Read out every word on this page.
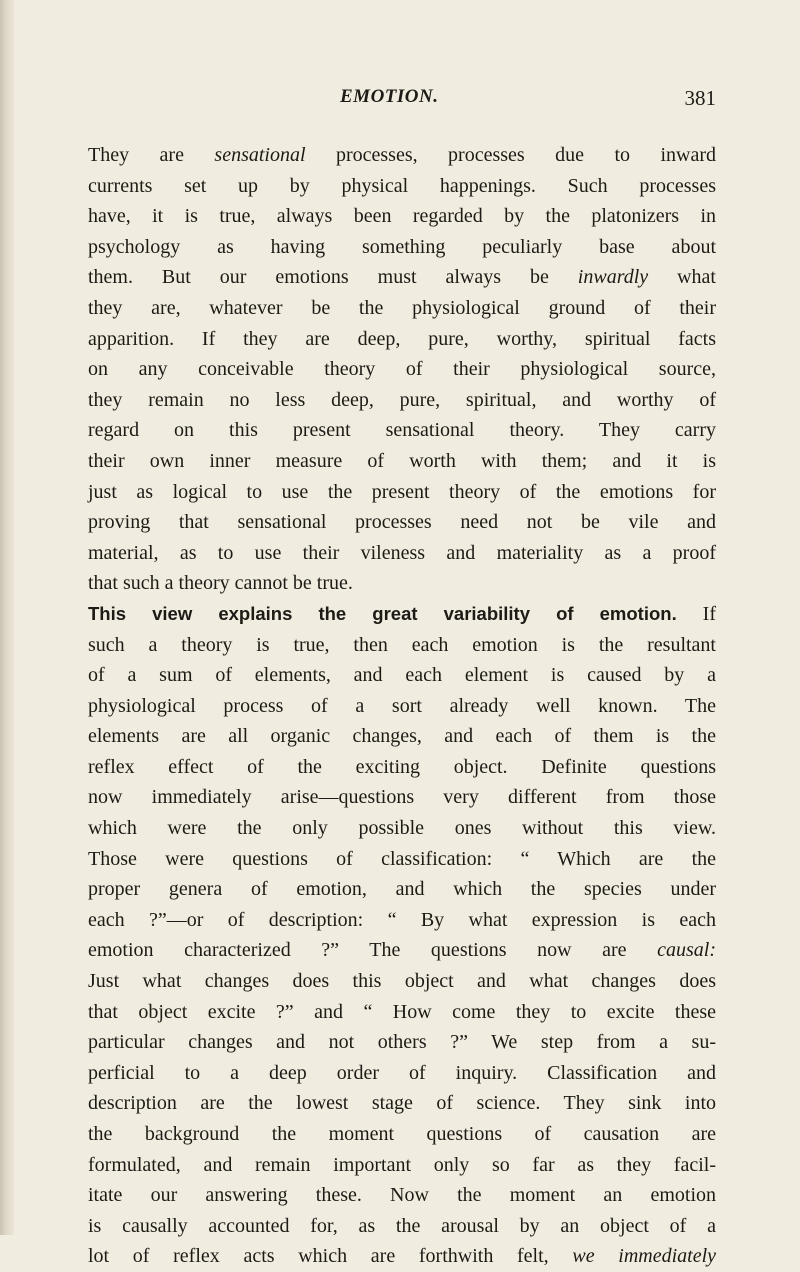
EMOTION.	381
They are sensational processes, processes due to inward
currents set up by physical happenings. Such processes
have, it is true, always been regarded by the platonizers in
psychology as having something peculiarly base about
them. But our emotions must always be inwardly what
they are, whatever be the physiological ground of their
apparition. If they are deep, pure, worthy, spiritual facts
on any conceivable theory of their physiological source,
they remain no less deep, pure, spiritual, and worthy of
regard on this present sensational theory. They carry
their own inner measure of worth with them; and it is
just as logical to use the present theory of the emotions for
proving that sensational processes need not be vile and
material, as to use their vileness and materiality as a proof
that such a theory cannot be true.
This view explains the great variability of emotion. If
such a theory is true, then each emotion is the resultant
of a sum of elements, and each element is caused by a
physiological process of a sort already well known. The
elements are all organic changes, and each of them is the
reflex effect of the exciting object. Definite questions
now immediately arise—questions very different from those
which were the only possible ones without this view.
Those were questions of classification: “ Which are the
proper genera of emotion, and which the species under
each ?”—or of description: “ By what expression is each
emotion characterized ?” The questions now are causal:
Just what changes does this object and what changes does
that object excite ?” and “ How come they to excite these
particular changes and not others ?” We step from a su-
perficial to a deep order of inquiry. Classification and
description are the lowest stage of science. They sink into
the background the moment questions of causation are
formulated, and remain important only so far as they facil-
itate our answering these. Now the moment an emotion
is causally accounted for, as the arousal by an object of a
lot of reflex acts which are forthwith felt, we immediately
